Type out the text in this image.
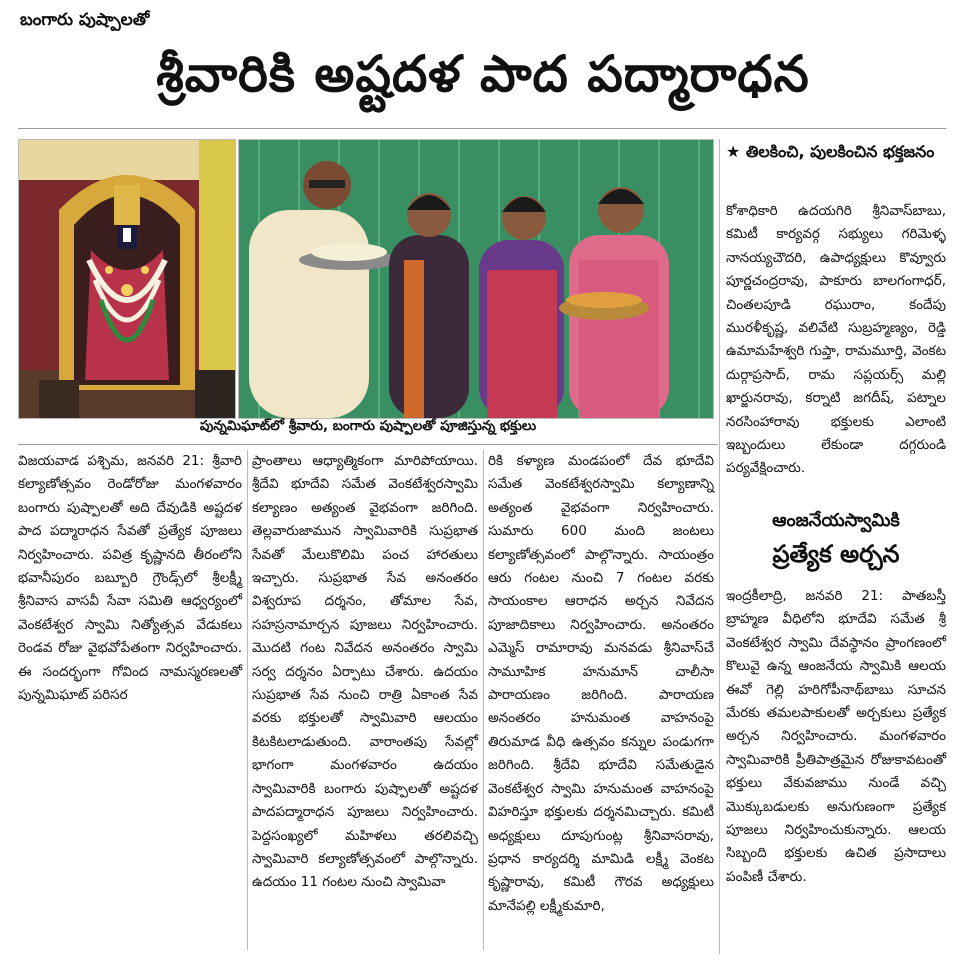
బంగారు పుష్పాలతో
శ్రీవారికి అష్టదళ పాద పద్మారాధన
పున్నమిఘాట్‌లో శ్రీవారు, బంగారు పుష్పాలతో పూజిస్తున్న భక్తులు

విజయవాడ పశ్చిమ, జనవరి 21: శ్రీవారి కల్యాణోత్సవం రెండోరోజు మంగళవారం బంగారు పుష్పాలతో అది దేవుడికి అష్టదళ పాద పద్మారాధన సేవతో ప్రత్యేక పూజలు నిర్వహించారు. పవిత్ర కృష్ణానది తీరంలోని భవానీపురం బబ్బూరి గ్రౌండ్స్‌లో శ్రీలక్ష్మీ శ్రీనివాస వాసవీ సేవా సమితి ఆధ్వర్యంలో వెంకటేశ్వర స్వామి నిత్యోత్సవ వేడుకలు రెండవ రోజు వైభవోపేతంగా నిర్వహించారు. ఈ సందర్భంగా గోవింద నామస్మరణలతో పున్నమిఘాట్ పరిసర

ప్రాంతాలు ఆధ్యాత్మికంగా మారిపోయాయి. శ్రీదేవి భూదేవి సమేత వెంకటేశ్వరస్వామి కల్యాణం అత్యంత వైభవంగా జరిగింది. తెల్లవారుజామున స్వామివారికి సుప్రభాత సేవతో మేలుకొలిమి పంచ హారతులు ఇచ్చారు. సుప్రభాత సేవ అనంతరం విశ్వరూప దర్శనం, తోమాల సేవ, సహస్రనామార్చన పూజలు నిర్వహించారు. మొదటి గంట నివేదన అనంతరం స్వామి సర్వ దర్శనం ఏర్పాటు చేశారు. ఉదయం సుప్రభాత సేవ నుంచి రాత్రి ఏకాంత సేవ వరకు భక్తులతో స్వామివారి ఆలయం కిటకిటలాడుతుంది. వారాంతపు సేవల్లో భాగంగా మంగళవారం ఉదయం స్వామివారికి బంగారు పుష్పాలతో అష్టదళ పాదపద్మారాధన పూజలు నిర్వహించారు. పెద్దసంఖ్యలో మహిళలు తరలివచ్చి స్వామివారి కల్యాణోత్సవంలో పాల్గొన్నారు. ఉదయం 11 గంటల నుంచి స్వామివా

రికి కళ్యాణ మండపంలో దేవ భూదేవి సమేత వెంకటేశ్వరస్వామి కల్యాణాన్ని అత్యంత వైభవంగా నిర్వహించారు. సుమారు 600 మంది జంటలు కల్యాణోత్సవంలో పాల్గొన్నారు. సాయంత్రం ఆరు గంటల నుంచి 7 గంటల వరకు సాయంకాల ఆరాధన అర్చన నివేదన పూజాదికాలు నిర్వహించారు. అనంతరం ఎమ్మెస్ రామారావు మనవడు శ్రీనివాస్‌చే సామూహిక హనుమాన్ చాలీసా పారాయణం జరిగింది. పారాయణ అనంతరం హనుమంత వాహనంపై తిరుమాడ వీధి ఉత్సవం కన్నుల పండుగగా జరిగింది. శ్రీదేవి భూదేవి సమేతుడైన వెంకటేశ్వర స్వామి హనుమంత వాహనంపై విహరిస్తూ భక్తులకు దర్శనమిచ్చారు. కమిటీ అధ్యక్షులు దూపుగుంట్ల శ్రీనివాసరావు, ప్రధాన కార్యదర్శి మామిడి లక్ష్మీ వెంకట కృష్ణారావు, కమిటీ గౌరవ అధ్యక్షులు మానేపల్లి లక్ష్మీకుమారి,

★ తిలకించి, పులకించిన భక్తజనం

కోశాధికారి ఉదయగిరి శ్రీనివాస్‌బాబు, కమిటీ కార్యవర్గ సభ్యులు గరిమెళ్ళ నానయ్యచౌదరి, ఉపాధ్యక్షులు కొవ్వూరు పూర్ణచంద్రరావు, పాకూరు బాలగంగాధర్, చింతలపూడి రఘురాం, కందేపు మురళీకృష్ణ, వలివేటి సుబ్రహ్మణ్యం, రెడ్డి ఉమామహేశ్వరి గుప్తా, రామమూర్తి, వెంకట దుర్గాప్రసాద్, రామ సప్లయర్స్ మల్లి ఖార్జునరావు, కర్నాటి జగదీష్, పట్నాల నరసింహారావు భక్తులకు ఎలాంటి ఇబ్బందులు లేకుండా దగ్గరుండి పర్యవేక్షించారు.

ఆంజనేయస్వామికి
ప్రత్యేక అర్చన

ఇంద్రకీలాద్రి, జనవరి 21: పాతబస్తీ బ్రాహ్మణ వీధిలోని భూదేవి సమేత శ్రీ వెంకటేశ్వర స్వామి దేవస్థానం ప్రాంగణంలో కొలువై ఉన్న ఆంజనేయ స్వామికి ఆలయ ఈవో గెల్లి హరిగోపీనాథ్‌బాబు సూచన మేరకు తమలపాకులతో అర్చకులు ప్రత్యేక అర్చన నిర్వహించారు. మంగళవారం స్వామివారికి ప్రీతిపాత్రమైన రోజుకావటంతో భక్తులు వేకువజాము నుండే వచ్చి మొక్కుబడులకు అనుగుణంగా ప్రత్యేక పూజలు నిర్వహించుకున్నారు. ఆలయ సిబ్బంది భక్తులకు ఉచిత ప్రసాదాలు పంపిణీ చేశారు.
